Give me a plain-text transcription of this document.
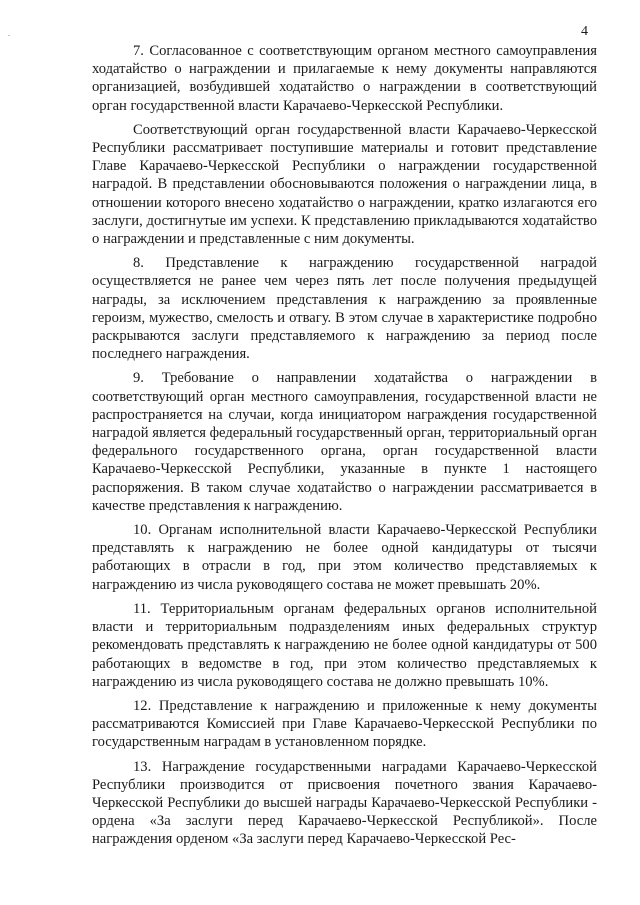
.	4

7. Согласованное с соответствующим органом местного самоуправления ходатайство о награждении и прилагаемые к нему документы направляются организацией, возбудившей ходатайство о награждении в соответствующий орган государственной власти Карачаево-Черкесской Республики.

Соответствующий орган государственной власти Карачаево-Черкесской Республики рассматривает поступившие материалы и готовит представление Главе Карачаево-Черкесской Республики о награждении государственной наградой. В представлении обосновываются положения о награждении лица, в отношении которого внесено ходатайство о награждении, кратко излагаются его заслуги, достигнутые им успехи. К представлению прикладываются ходатайство о награждении и представленные с ним документы.

8. Представление к награждению государственной наградой осуществляется не ранее чем через пять лет после получения предыдущей награды, за исключением представления к награждению за проявленные героизм, мужество, смелость и отвагу. В этом случае в характеристике подробно раскрываются заслуги представляемого к награждению за период после последнего награждения.

9. Требование о направлении ходатайства о награждении в соответствующий орган местного самоуправления, государственной власти не распространяется на случаи, когда инициатором награждения государственной наградой является федеральный государственный орган, территориальный орган федерального государственного органа, орган государственной власти Карачаево-Черкесской Республики, указанные в пункте 1 настоящего распоряжения. В таком случае ходатайство о награждении рассматривается в качестве представления к награждению.

10. Органам исполнительной власти Карачаево-Черкесской Республики представлять к награждению не более одной кандидатуры от тысячи работающих в отрасли в год, при этом количество представляемых к награждению из числа руководящего состава не может превышать 20%.

11. Территориальным органам федеральных органов исполнительной власти и территориальным подразделениям иных федеральных структур рекомендовать представлять к награждению не более одной кандидатуры от 500 работающих в ведомстве в год, при этом количество представляемых к награждению из числа руководящего состава не должно превышать 10%.

12. Представление к награждению и приложенные к нему документы рассматриваются Комиссией при Главе Карачаево-Черкесской Республики по государственным наградам в установленном порядке.

13. Награждение государственными наградами Карачаево-Черкесской Республики производится от присвоения почетного звания Карачаево-Черкесской Республики до высшей награды Карачаево-Черкесской Республики - ордена «За заслуги перед Карачаево-Черкесской Республикой». После награждения орденом «За заслуги перед Карачаево-Черкесской Рес-
